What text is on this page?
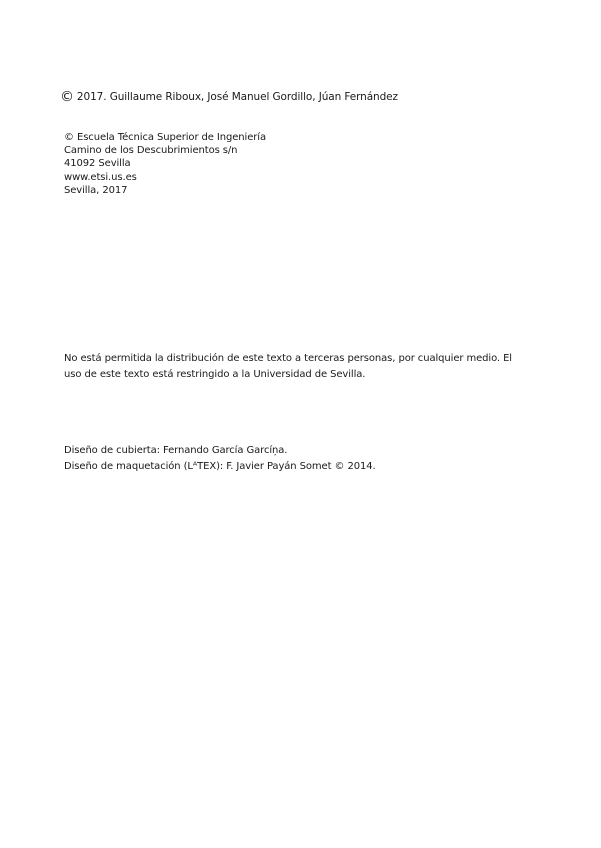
© 2017. Guillaume Riboux, José Manuel Gordillo, Júan Fernández
© Escuela Técnica Superior de Ingeniería
Camino de los Descubrimientos s/n
41092 Sevilla
www.etsi.us.es
Sevilla, 2017
No está permitida la distribución de este texto a terceras personas, por cualquier medio. El uso de este texto está restringido a la Universidad de Sevilla.
Diseño de cubierta: Fernando García Garcíņa.
Diseño de maquetación (LᴬTEX): F. Javier Payán Somet © 2014.
